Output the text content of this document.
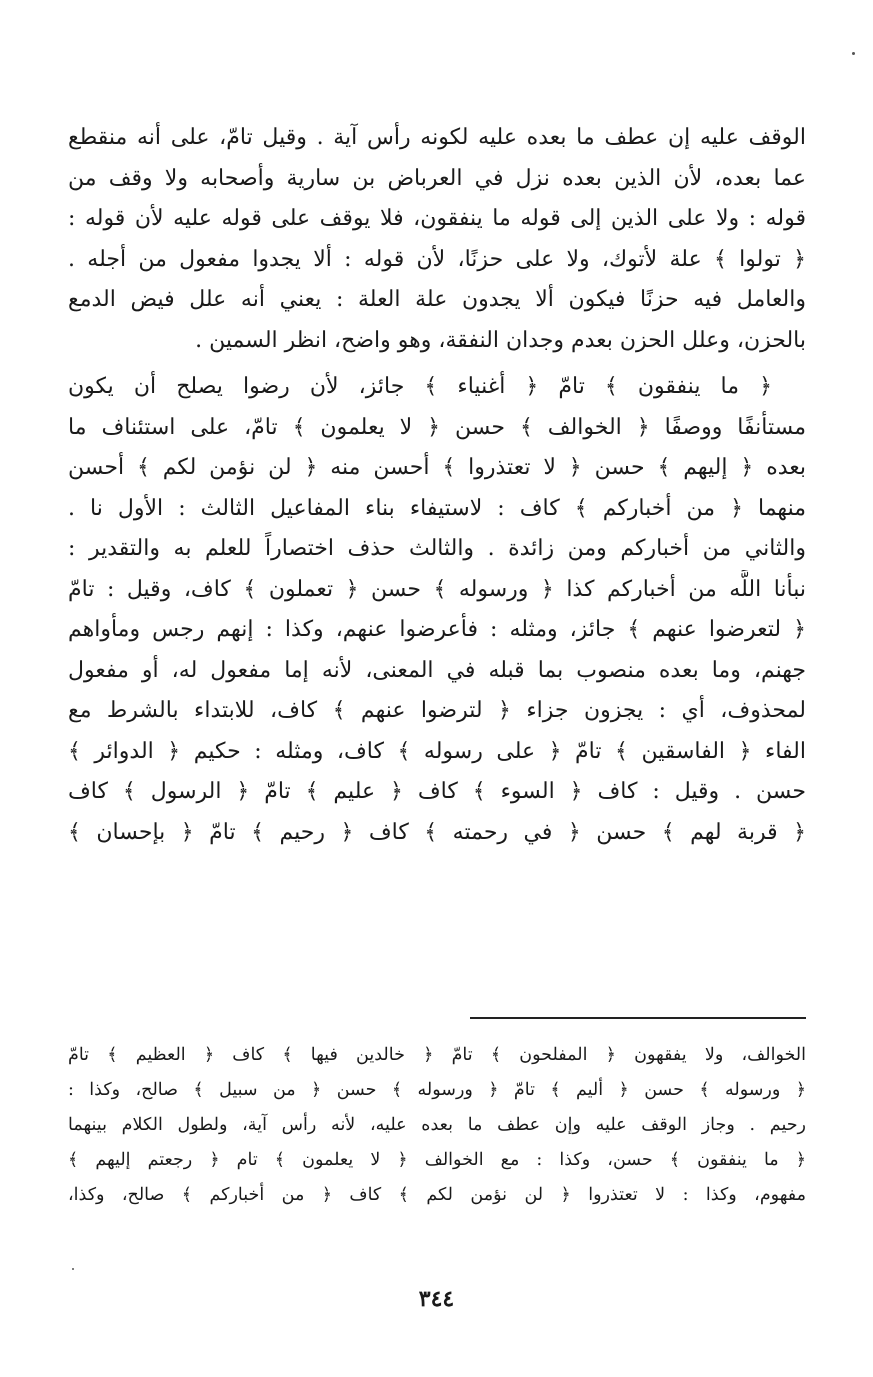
الوقف عليه إن عطف ما بعده عليه لكونه رأس آية . وقيل تامّ، على أنه منقطع
عما بعده، لأن الذين بعده نزل في العرباض بن سارية وأصحابه ولا وقف من
قوله : ولا على الذين إلى قوله ما ينفقون، فلا يوقف على قوله عليه لأن قوله :
﴿ تولوا ﴾ علة لأتوك، ولا على حزنًا، لأن قوله : ألا يجدوا مفعول من أجله .
والعامل فيه حزنًا فيكون ألا يجدون علة العلة : يعني أنه علل فيض الدمع
بالحزن، وعلل الحزن بعدم وجدان النفقة، وهو واضح، انظر السمين .

﴿ ما ينفقون ﴾ تامّ ﴿ أغنياء ﴾ جائز، لأن رضوا يصلح أن يكون
مستأنفًا ووصفًا ﴿ الخوالف ﴾ حسن ﴿ لا يعلمون ﴾ تامّ، على استئناف ما
بعده ﴿ إليهم ﴾ حسن ﴿ لا تعتذروا ﴾ أحسن منه ﴿ لن نؤمن لكم ﴾ أحسن
منهما ﴿ من أخباركم ﴾ كاف : لاستيفاء بناء المفاعيل الثالث : الأول نا .
والثاني من أخباركم ومن زائدة . والثالث حذف اختصاراً للعلم به والتقدير :
نبأنا اللَّه من أخباركم كذا ﴿ ورسوله ﴾ حسن ﴿ تعملون ﴾ كاف، وقيل : تامّ
﴿ لتعرضوا عنهم ﴾ جائز، ومثله : فأعرضوا عنهم، وكذا : إنهم رجس ومأواهم
جهنم، وما بعده منصوب بما قبله في المعنى، لأنه إما مفعول له، أو مفعول
لمحذوف، أي : يجزون جزاء ﴿ لترضوا عنهم ﴾ كاف، للابتداء بالشرط مع
الفاء ﴿ الفاسقين ﴾ تامّ ﴿ على رسوله ﴾ كاف، ومثله : حكيم ﴿ الدوائر ﴾
حسن . وقيل : كاف ﴿ السوء ﴾ كاف ﴿ عليم ﴾ تامّ ﴿ الرسول ﴾ كاف
﴿ قربة لهم ﴾ حسن ﴿ في رحمته ﴾ كاف ﴿ رحيم ﴾ تامّ ﴿ بإحسان ﴾

الخوالف، ولا يفقهون ﴿ المفلحون ﴾ تامّ ﴿ خالدين فيها ﴾ كاف ﴿ العظيم ﴾ تامّ
﴿ ورسوله ﴾ حسن ﴿ أليم ﴾ تامّ ﴿ ورسوله ﴾ حسن ﴿ من سبيل ﴾ صالح، وكذا :
رحيم . وجاز الوقف عليه وإن عطف ما بعده عليه، لأنه رأس آية، ولطول الكلام بينهما
﴿ ما ينفقون ﴾ حسن، وكذا : مع الخوالف ﴿ لا يعلمون ﴾ تام ﴿ رجعتم إليهم ﴾
مفهوم، وكذا : لا تعتذروا ﴿ لن نؤمن لكم ﴾ كاف ﴿ من أخباركم ﴾ صالح، وكذا،
٣٤٤
